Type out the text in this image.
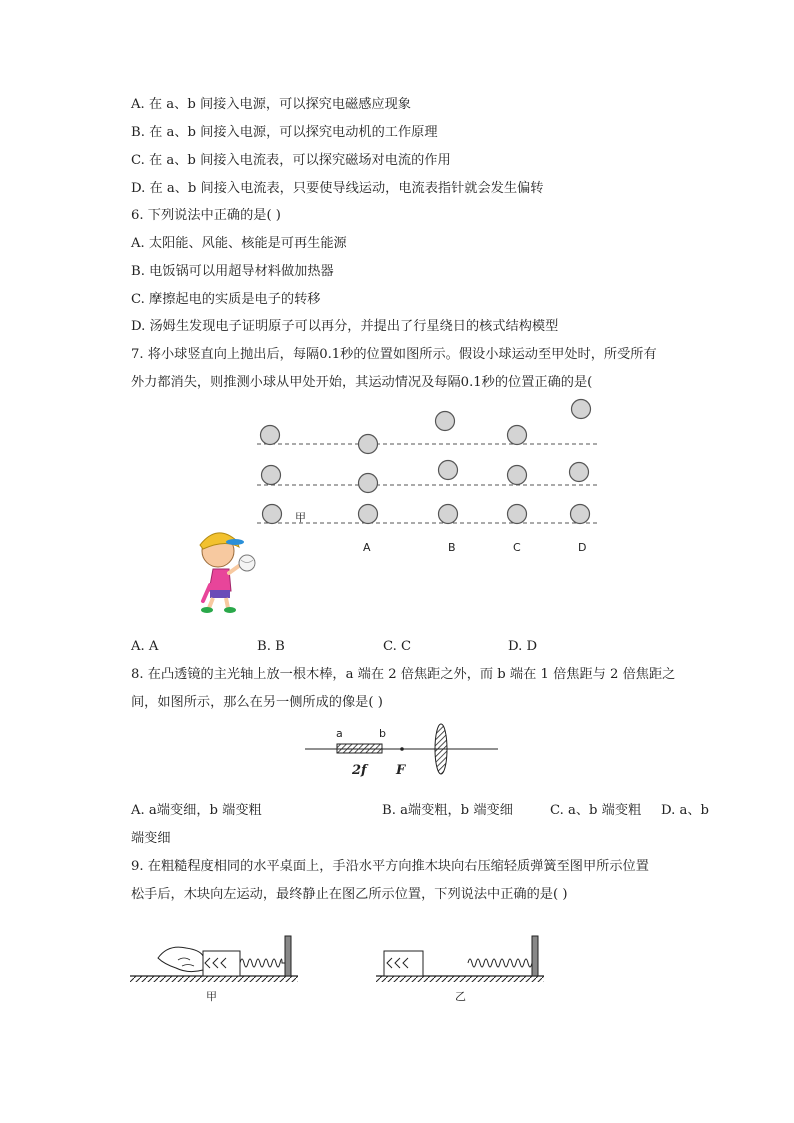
A. 在 a、b 间接入电源，可以探究电磁感应现象
B. 在 a、b 间接入电源，可以探究电动机的工作原理
C. 在 a、b 间接入电流表，可以探究磁场对电流的作用
D. 在 a、b 间接入电流表，只要使导线运动，电流表指针就会发生偏转
6. 下列说法中正确的是( )
A. 太阳能、风能、核能是可再生能源
B. 电饭锅可以用超导材料做加热器
C. 摩擦起电的实质是电子的转移
D. 汤姆生发现电子证明原子可以再分，并提出了行星绕日的核式结构模型
7. 将小球竖直向上抛出后，每隔0.1秒的位置如图所示。假设小球运动至甲处时，所受所有
外力都消失，则推测小球从甲处开始，其运动情况及每隔0.1秒的位置正确的是(
甲
A	B	C	D
A. A	B. B	C. C	D. D
8. 在凸透镜的主光轴上放一根木棒，a 端在 2 倍焦距之外，而 b 端在 1 倍焦距与 2 倍焦距之
间，如图所示，那么在另一侧所成的像是( )
a	b
2f F
A. a端变细，b 端变粗	B. a端变粗，b 端变细	C. a、b 端变粗 D. a、b
端变细
9. 在粗糙程度相同的水平桌面上，手沿水平方向推木块向右压缩轻质弹簧至图甲所示位置
松手后，木块向左运动，最终静止在图乙所示位置，下列说法中正确的是( )
甲	乙
